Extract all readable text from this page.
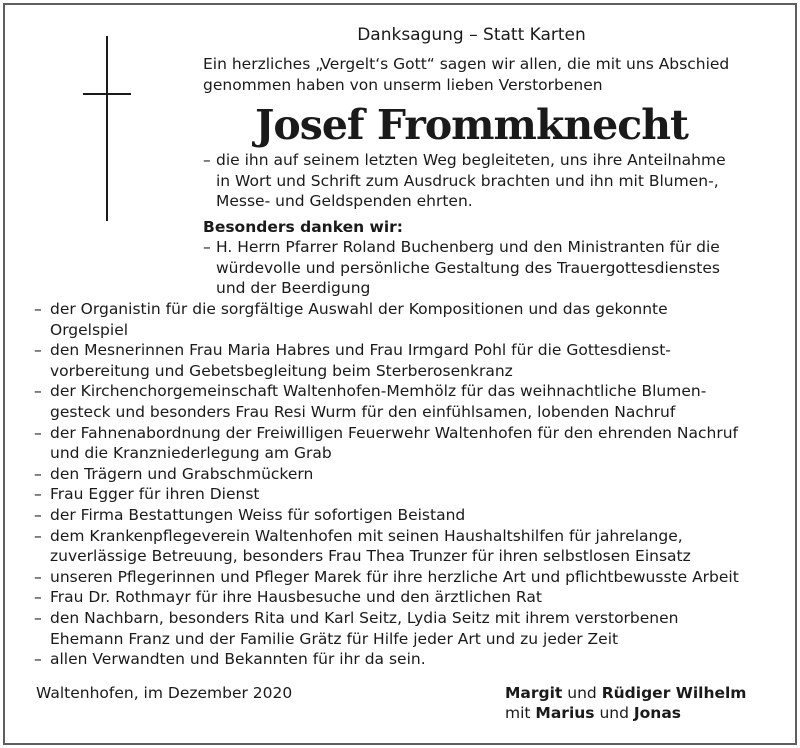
Danksagung – Statt Karten
Ein herzliches „Vergelt‘s Gott“ sagen wir allen, die mit uns Abschied
genommen haben von unserm lieben Verstorbenen
Josef Frommknecht
– die ihn auf seinem letzten Weg begleiteten, uns ihre Anteilnahme
in Wort und Schrift zum Ausdruck brachten und ihn mit Blumen-,
Messe- und Geldspenden ehrten.
Besonders danken wir:
– H. Herrn Pfarrer Roland Buchenberg und den Ministranten für die
würdevolle und persönliche Gestaltung des Trauergottesdienstes
und der Beerdigung
– der Organistin für die sorgfältige Auswahl der Kompositionen und das gekonnte
Orgelspiel
– den Mesnerinnen Frau Maria Habres und Frau Irmgard Pohl für die Gottesdienst-
vorbereitung und Gebetsbegleitung beim Sterberosenkranz
– der Kirchenchorgemeinschaft Waltenhofen-Memhölz für das weihnachtliche Blumen-
gesteck und besonders Frau Resi Wurm für den einfühlsamen, lobenden Nachruf
– der Fahnenabordnung der Freiwilligen Feuerwehr Waltenhofen für den ehrenden Nachruf
und die Kranzniederlegung am Grab
– den Trägern und Grabschmückern
– Frau Egger für ihren Dienst
– der Firma Bestattungen Weiss für sofortigen Beistand
– dem Krankenpflegeverein Waltenhofen mit seinen Haushaltshilfen für jahrelange,
zuverlässige Betreuung, besonders Frau Thea Trunzer für ihren selbstlosen Einsatz
– unseren Pflegerinnen und Pfleger Marek für ihre herzliche Art und pflichtbewusste Arbeit
– Frau Dr. Rothmayr für ihre Hausbesuche und den ärztlichen Rat
– den Nachbarn, besonders Rita und Karl Seitz, Lydia Seitz mit ihrem verstorbenen
Ehemann Franz und der Familie Grätz für Hilfe jeder Art und zu jeder Zeit
– allen Verwandten und Bekannten für ihr da sein.
Waltenhofen, im Dezember 2020	Margit und Rüdiger Wilhelm
mit Marius und Jonas
